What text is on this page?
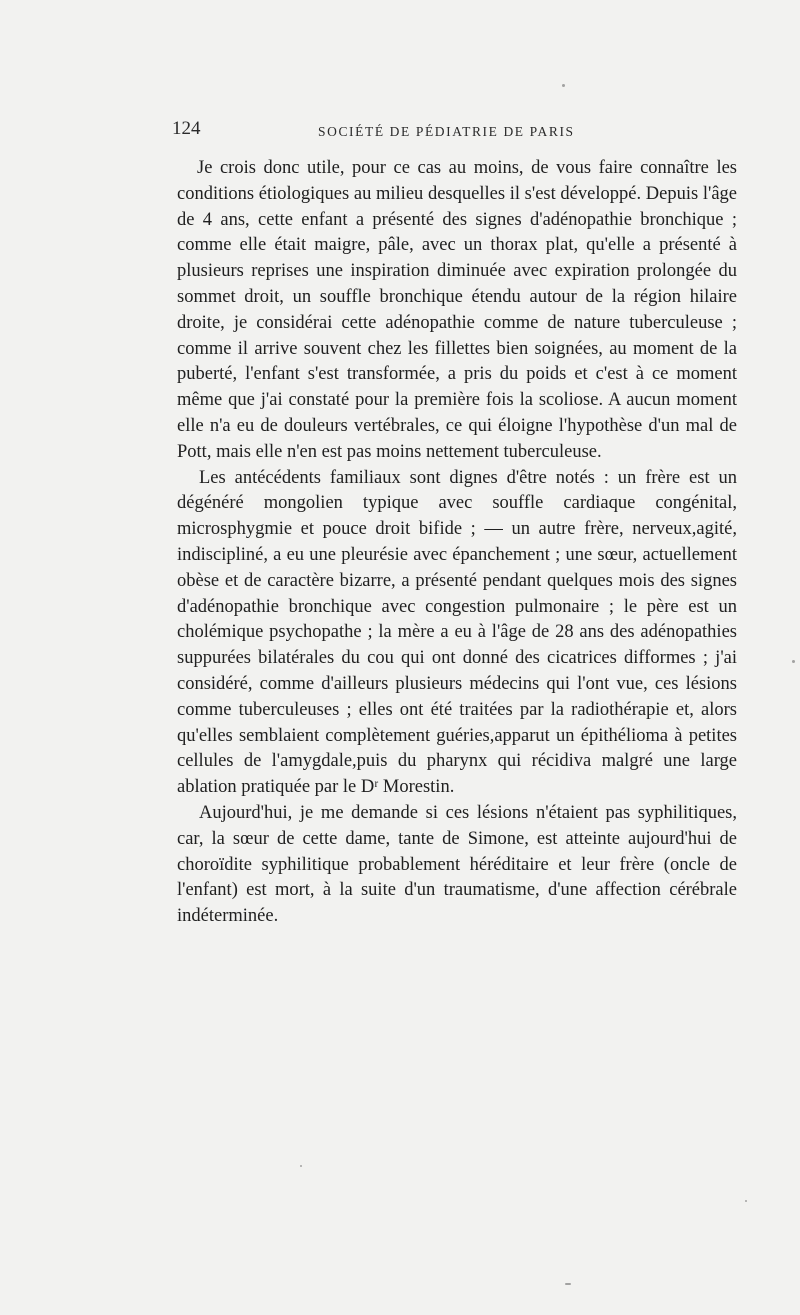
124	SOCIÉTÉ DE PÉDIATRIE DE PARIS

Je crois donc utile, pour ce cas au moins, de vous faire connaître les conditions étiologiques au milieu desquelles il s'est développé. Depuis l'âge de 4 ans, cette enfant a présenté des signes d'adénopathie bronchique ; comme elle était maigre, pâle, avec un thorax plat, qu'elle a présenté à plusieurs reprises une inspiration diminuée avec expiration prolongée du sommet droit, un souffle bronchique étendu autour de la région hilaire droite, je considérai cette adénopathie comme de nature tuberculeuse ; comme il arrive souvent chez les fillettes bien soignées, au moment de la puberté, l'enfant s'est transformée, a pris du poids et c'est à ce moment même que j'ai constaté pour la première fois la scoliose. A aucun moment elle n'a eu de douleurs vertébrales, ce qui éloigne l'hypothèse d'un mal de Pott, mais elle n'en est pas moins nettement tuberculeuse.

Les antécédents familiaux sont dignes d'être notés : un frère est un dégénéré mongolien typique avec souffle cardiaque congénital, microsphygmie et pouce droit bifide ; — un autre frère, nerveux,agité, indiscipliné, a eu une pleurésie avec épanchement ; une sœur, actuellement obèse et de caractère bizarre, a présenté pendant quelques mois des signes d'adénopathie bronchique avec congestion pulmonaire ; le père est un cholémique psychopathe ; la mère a eu à l'âge de 28 ans des adénopathies suppurées bilatérales du cou qui ont donné des cicatrices difformes ; j'ai considéré, comme d'ailleurs plusieurs médecins qui l'ont vue, ces lésions comme tuberculeuses ; elles ont été traitées par la radiothérapie et, alors qu'elles semblaient complètement guéries,apparut un épithélioma à petites cellules de l'amygdale,puis du pharynx qui récidiva malgré une large ablation pratiquée par le Dʳ Morestin.

Aujourd'hui, je me demande si ces lésions n'étaient pas syphilitiques, car, la sœur de cette dame, tante de Simone, est atteinte aujourd'hui de choroïdite syphilitique probablement héréditaire et leur frère (oncle de l'enfant) est mort, à la suite d'un traumatisme, d'une affection cérébrale indéterminée.
